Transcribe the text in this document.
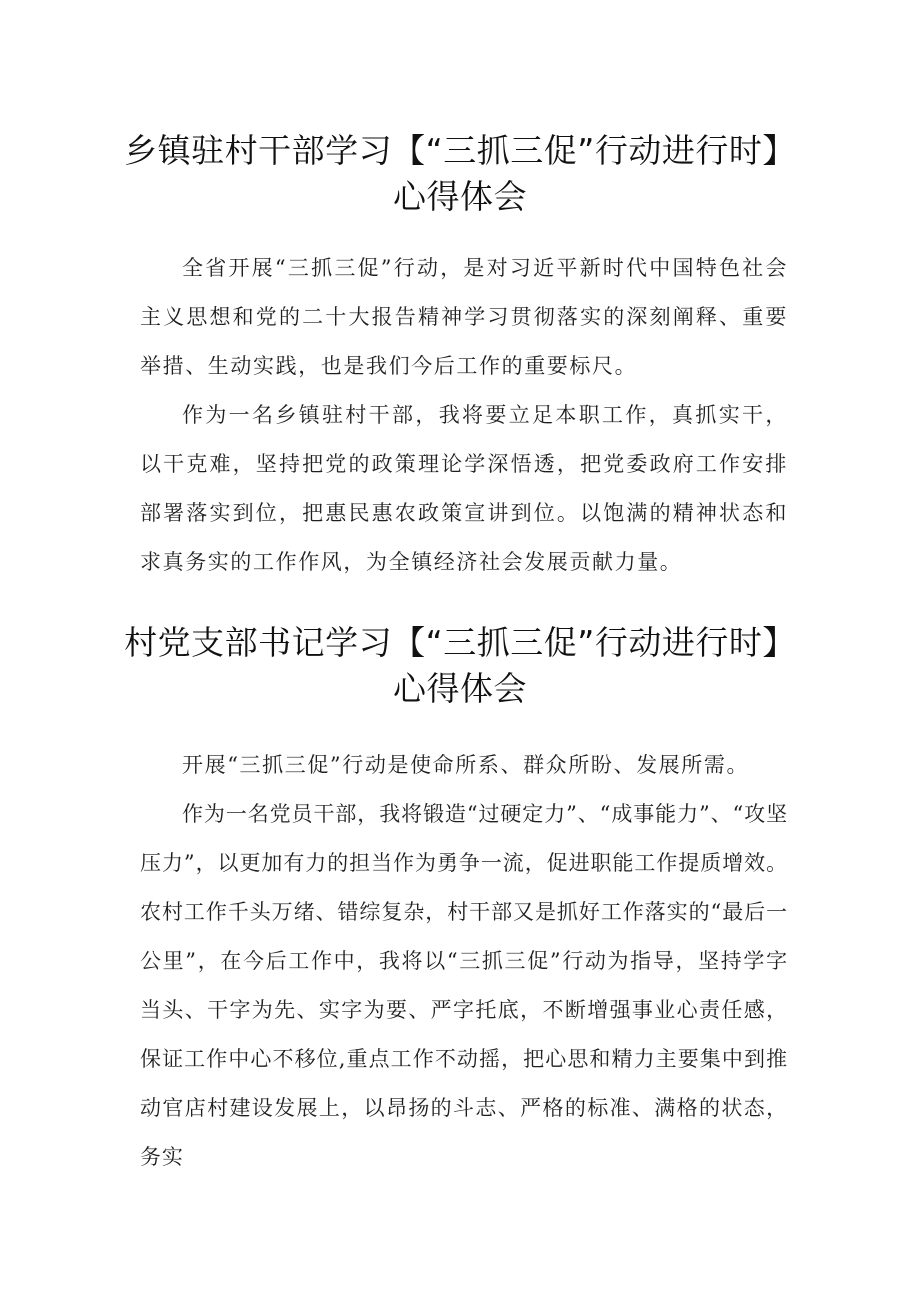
乡镇驻村干部学习【“三抓三促”行动进行时】
心得体会

全省开展“三抓三促”行动，是对习近平新时代中国特色社会主义思想和党的二十大报告精神学习贯彻落实的深刻阐释、重要举措、生动实践，也是我们今后工作的重要标尺。

作为一名乡镇驻村干部，我将要立足本职工作，真抓实干，以干克难，坚持把党的政策理论学深悟透，把党委政府工作安排部署落实到位，把惠民惠农政策宣讲到位。以饱满的精神状态和求真务实的工作作风，为全镇经济社会发展贡献力量。

村党支部书记学习【“三抓三促”行动进行时】
心得体会

开展“三抓三促”行动是使命所系、群众所盼、发展所需。

作为一名党员干部，我将锻造“过硬定力”、“成事能力”、“攻坚压力”，以更加有力的担当作为勇争一流，促进职能工作提质增效。农村工作千头万绪、错综复杂，村干部又是抓好工作落实的“最后一公里”，在今后工作中，我将以“三抓三促”行动为指导，坚持学字当头、干字为先、实字为要、严字托底，不断增强事业心责任感，保证工作中心不移位,重点工作不动摇，把心思和精力主要集中到推动官店村建设发展上，以昂扬的斗志、严格的标准、满格的状态，务实
